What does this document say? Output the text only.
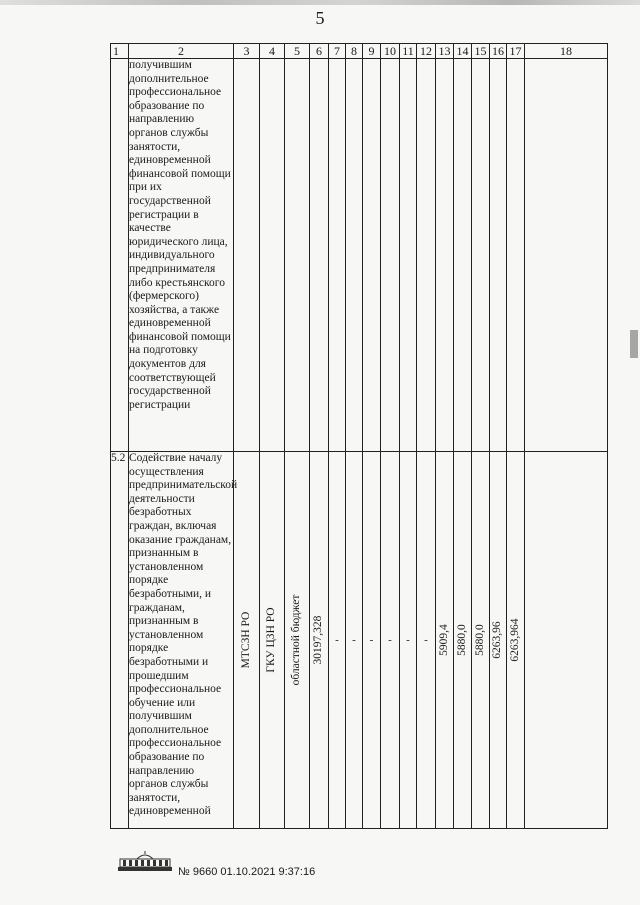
5
1	2	3	4	5	6	7	8	9	10	11	12	13	14	15	16	17	18
	получившим дополнительное профессиональное образование по направлению органов службы занятости, единовременной финансовой помощи при их государственной регистрации в качестве юридического лица, индивидуального предпринимателя либо крестьянского (фермерского) хозяйства, а также единовременной финансовой помощи на подготовку документов для соответствующей государственной регистрации																
5.2	Содействие началу осуществления предпринимательской деятельности безработных граждан, включая оказание гражданам, признанным в установленном порядке безработными, и гражданам, признанным в установленном порядке безработными и прошедшим профессиональное обучение или получившим дополнительное профессиональное образование по направлению органов службы занятости, единовременной	МТСЗН РО	ГКУ ЦЗН РО	областной бюджет	30197,328	-	-	-	-	-	-	5909,4	5880,0	5880,0	6263,96	6263,964	

№ 9660 01.10.2021 9:37:16
